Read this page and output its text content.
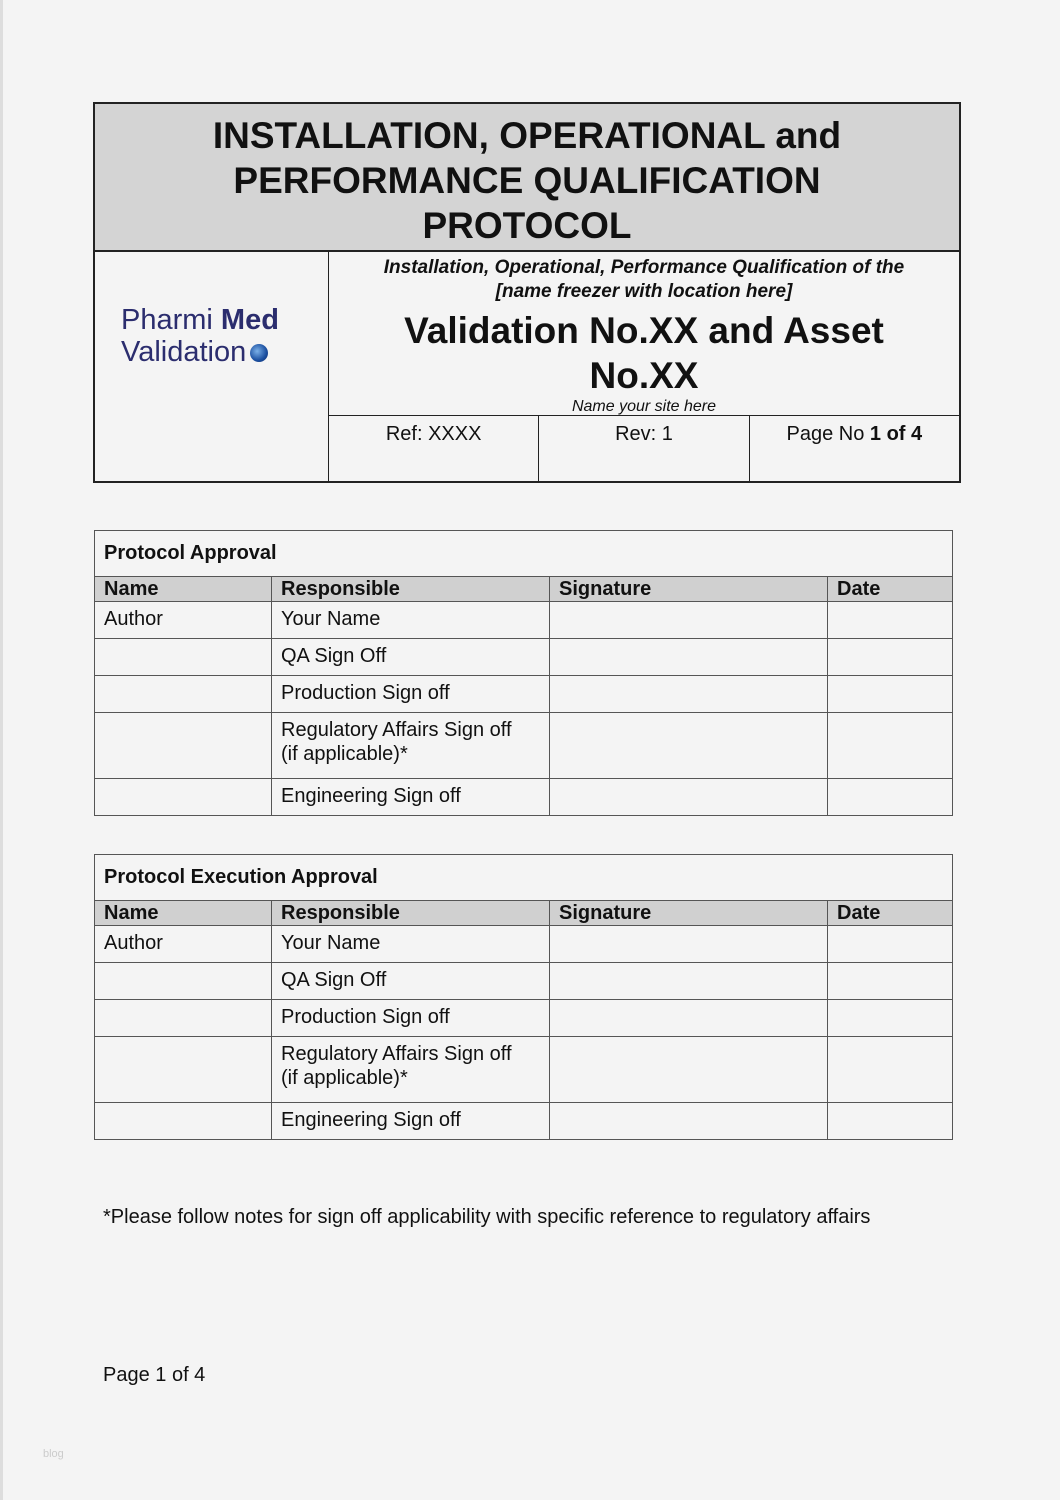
INSTALLATION, OPERATIONAL and
PERFORMANCE QUALIFICATION
PROTOCOL
Pharmi Med
Validation
Installation, Operational, Performance Qualification of the
[name freezer with location here]
Validation No.XX and Asset
No.XX
Name your site here
Ref: XXXX	Rev: 1	Page No 1 of 4
Protocol Approval			
Name	Responsible	Signature	Date
Author	Your Name		

	QA Sign Off		

	Production Sign off		

	Regulatory Affairs Sign off
(if applicable)*		

	Engineering Sign off		

Protocol Execution Approval			
Name	Responsible	Signature	Date
Author	Your Name		

	QA Sign Off		

	Production Sign off		

	Regulatory Affairs Sign off
(if applicable)*		

	Engineering Sign off		

*Please follow notes for sign off applicability with specific reference to regulatory affairs
Page 1 of 4
blog
